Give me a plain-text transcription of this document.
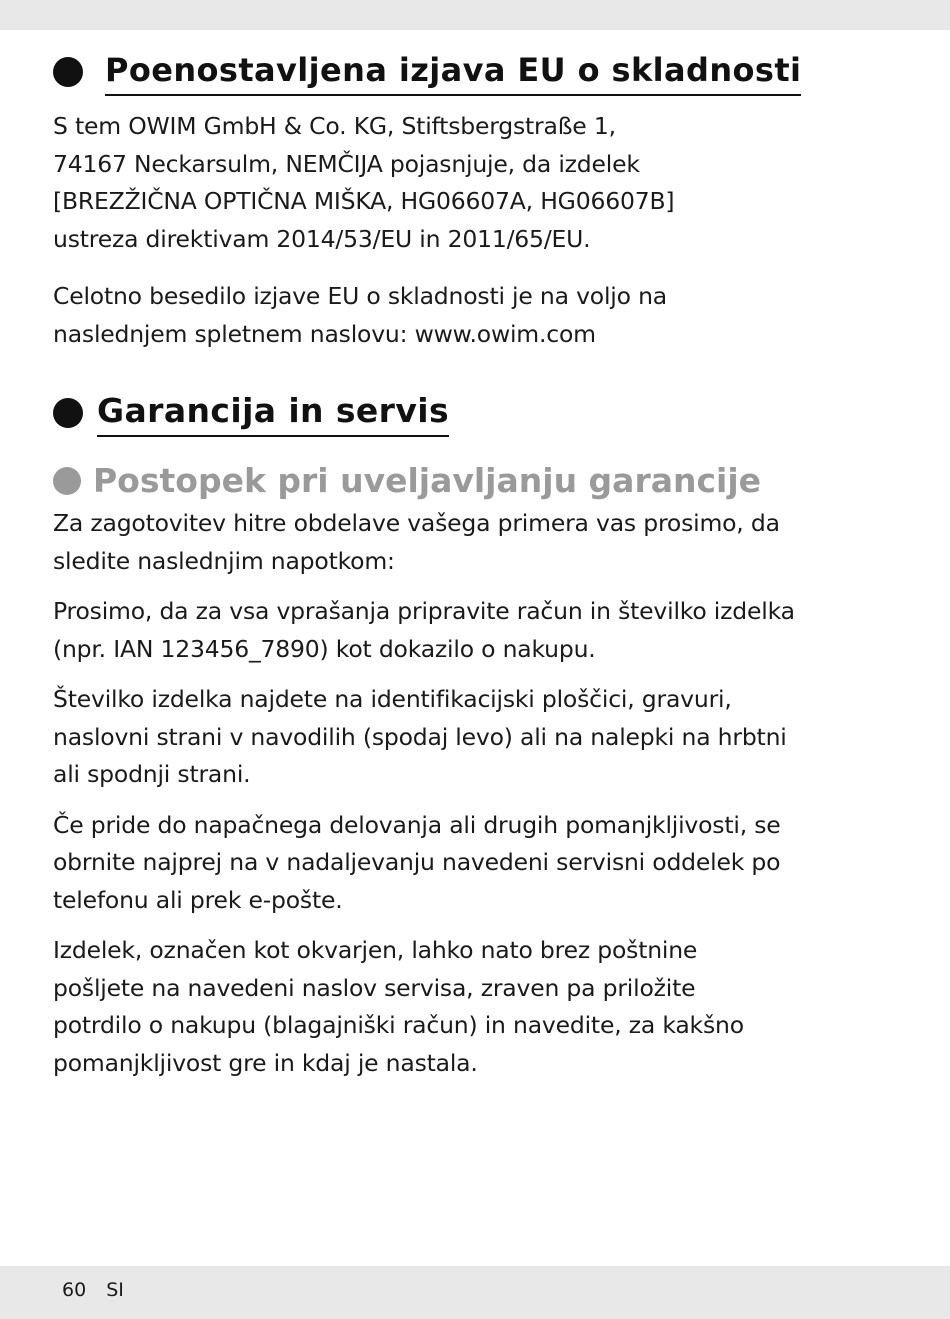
Poenostavljena izjava EU o skladnosti

S tem OWIM GmbH & Co. KG, Stiftsbergstraße 1,
74167 Neckarsulm, NEMČIJA pojasnjuje, da izdelek
[BREZŽIČNA OPTIČNA MIŠKA, HG06607A, HG06607B]
ustreza direktivam 2014/53/EU in 2011/65/EU.

Celotno besedilo izjave EU o skladnosti je na voljo na
naslednjem spletnem naslovu: www.owim.com

Garancija in servis
Postopek pri uveljavljanju garancije

Za zagotovitev hitre obdelave vašega primera vas prosimo, da
sledite naslednjim napotkom:

Prosimo, da za vsa vprašanja pripravite račun in številko izdelka
(npr. IAN 123456_7890) kot dokazilo o nakupu.

Številko izdelka najdete na identifikacijski ploščici, gravuri,
naslovni strani v navodilih (spodaj levo) ali na nalepki na hrbtni
ali spodnji strani.

Če pride do napačnega delovanja ali drugih pomanjkljivosti, se
obrnite najprej na v nadaljevanju navedeni servisni oddelek po
telefonu ali prek e-pošte.

Izdelek, označen kot okvarjen, lahko nato brez poštnine
pošljete na navedeni naslov servisa, zraven pa priložite
potrdilo o nakupu (blagajniški račun) in navedite, za kakšno
pomanjkljivost gre in kdaj je nastala.

60 SI
